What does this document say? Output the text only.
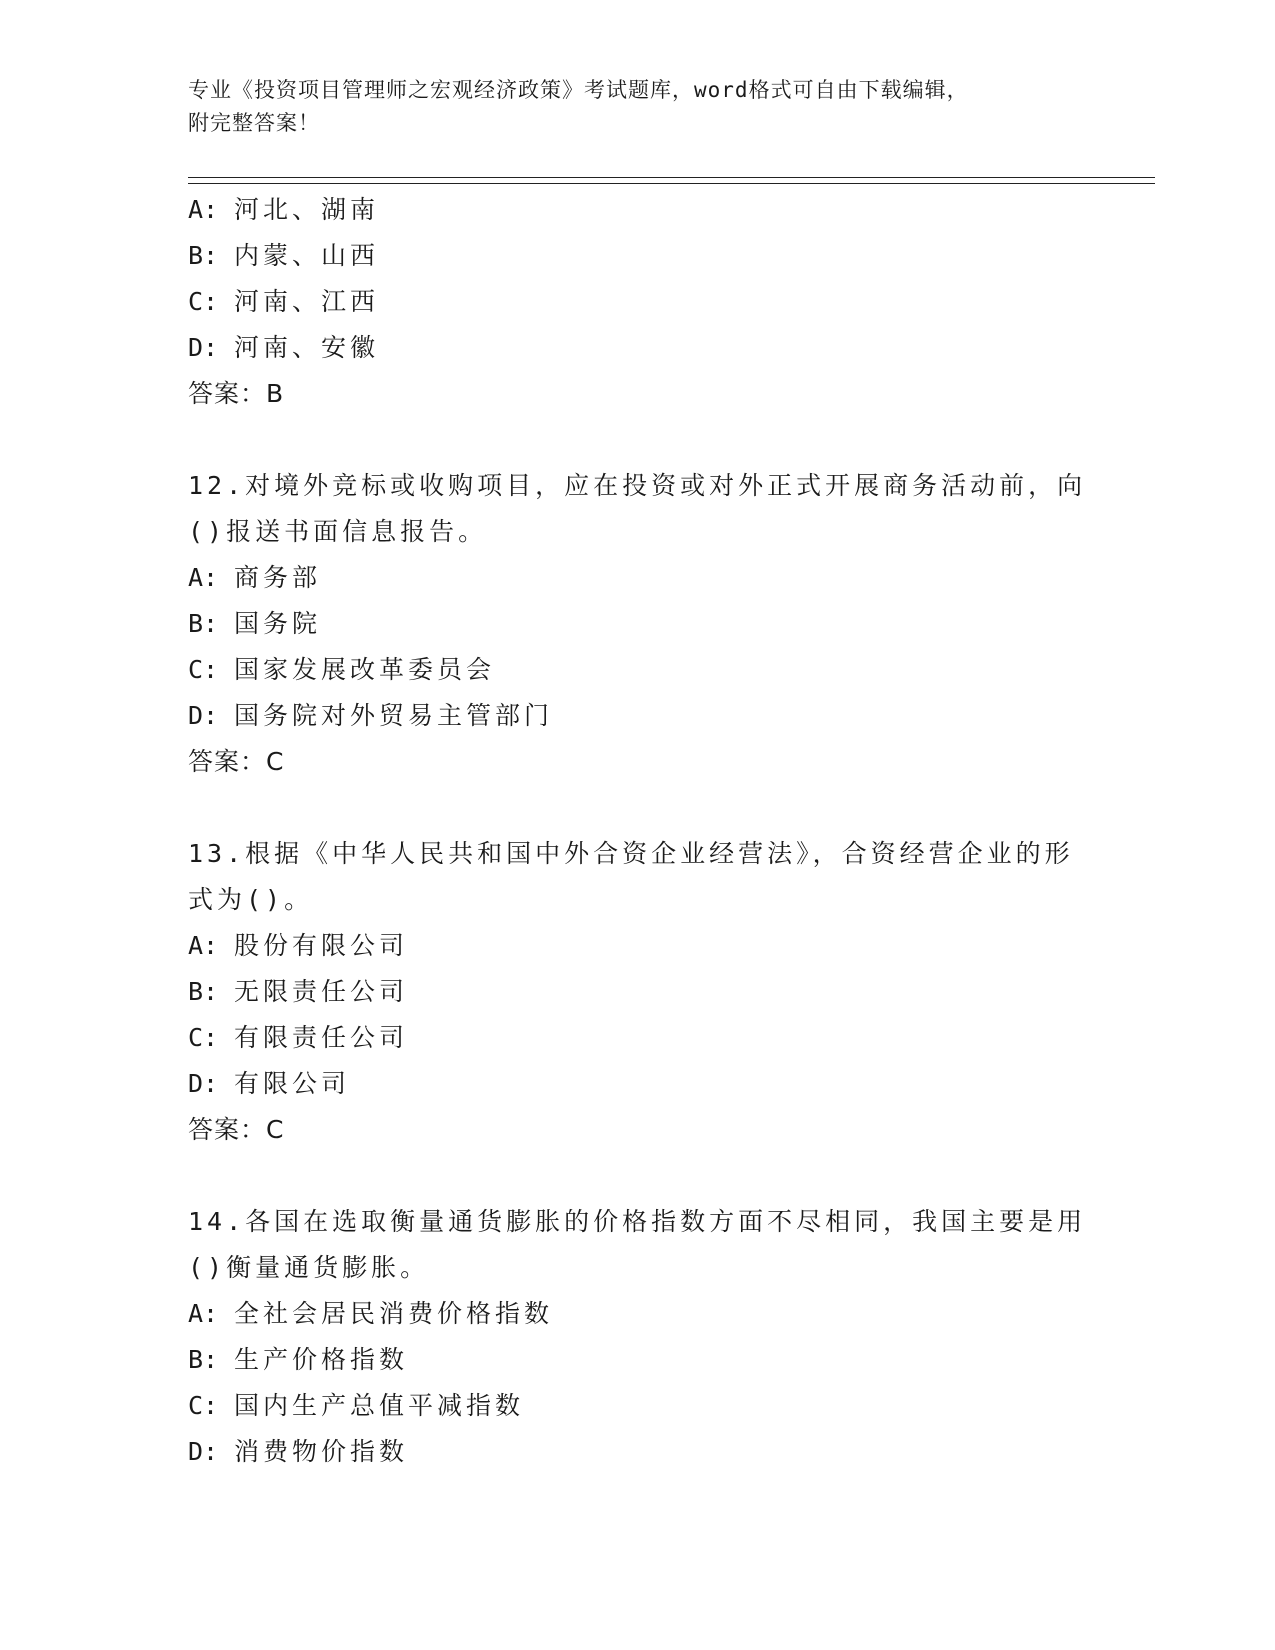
专业《投资项目管理师之宏观经济政策》考试题库，word格式可自由下载编辑，
附完整答案！
A: 河北、湖南
B: 内蒙、山西
C: 河南、江西
D: 河南、安徽
答案：B
12.对境外竞标或收购项目，应在投资或对外正式开展商务活动前，向
()报送书面信息报告。
A: 商务部
B: 国务院
C: 国家发展改革委员会
D: 国务院对外贸易主管部门
答案：C
13.根据《中华人民共和国中外合资企业经营法》，合资经营企业的形
式为()。
A: 股份有限公司
B: 无限责任公司
C: 有限责任公司
D: 有限公司
答案：C
14.各国在选取衡量通货膨胀的价格指数方面不尽相同，我国主要是用
()衡量通货膨胀。
A: 全社会居民消费价格指数
B: 生产价格指数
C: 国内生产总值平减指数
D: 消费物价指数
